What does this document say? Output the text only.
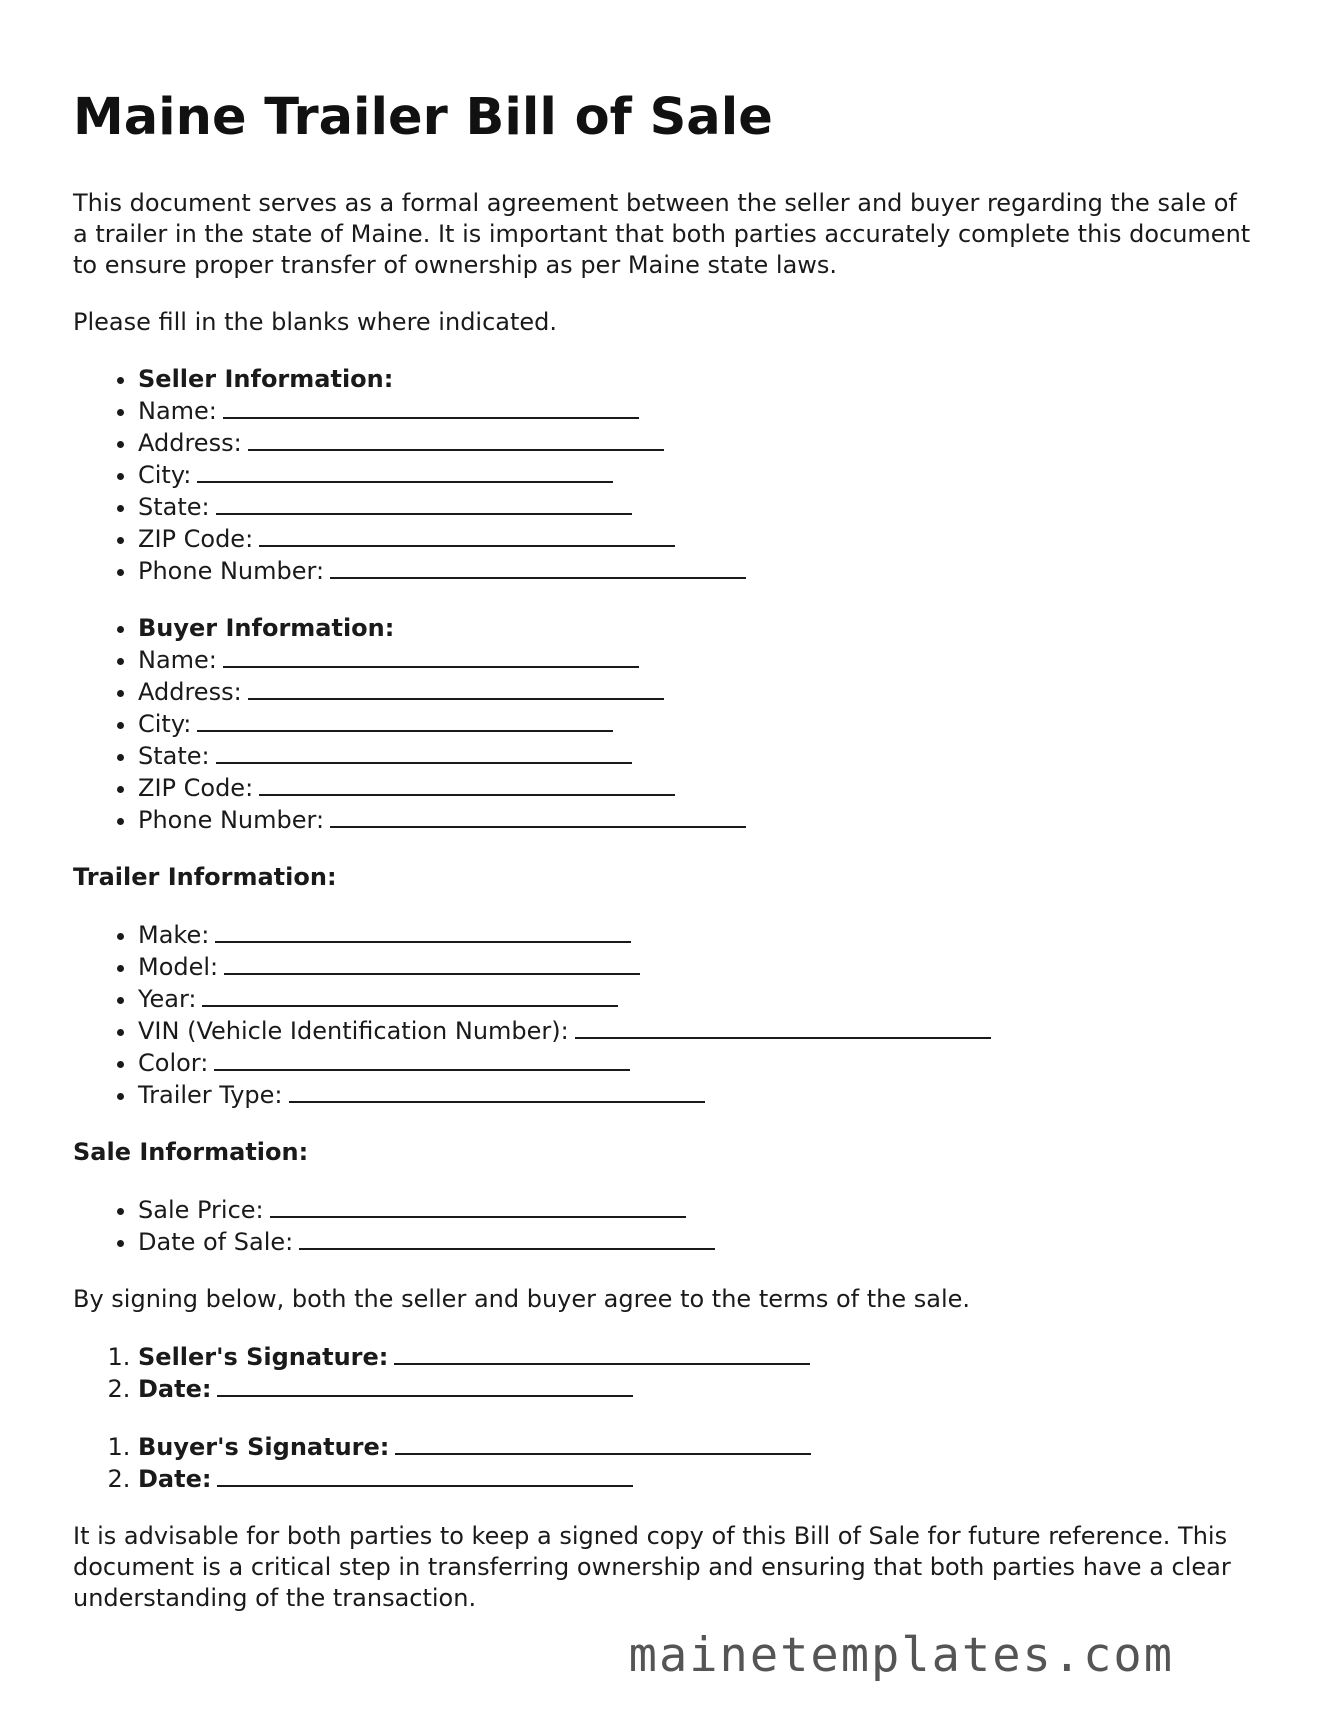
Maine Trailer Bill of Sale

This document serves as a formal agreement between the seller and buyer regarding the sale of a trailer in the state of Maine. It is important that both parties accurately complete this document to ensure proper transfer of ownership as per Maine state laws.

Please fill in the blanks where indicated.

• Seller Information:
• Name:
• Address:
• City:
• State:
• ZIP Code:
• Phone Number:
• Buyer Information:
• Name:
• Address:
• City:
• State:
• ZIP Code:
• Phone Number:
Trailer Information:
• Make:
• Model:
• Year:
• VIN (Vehicle Identification Number):
• Color:
• Trailer Type:
Sale Information:
• Sale Price:
• Date of Sale:

By signing below, both the seller and buyer agree to the terms of the sale.

1. Seller's Signature:
2. Date:
1. Buyer's Signature:
2. Date:

It is advisable for both parties to keep a signed copy of this Bill of Sale for future reference. This document is a critical step in transferring ownership and ensuring that both parties have a clear understanding of the transaction.

mainetemplates.com
